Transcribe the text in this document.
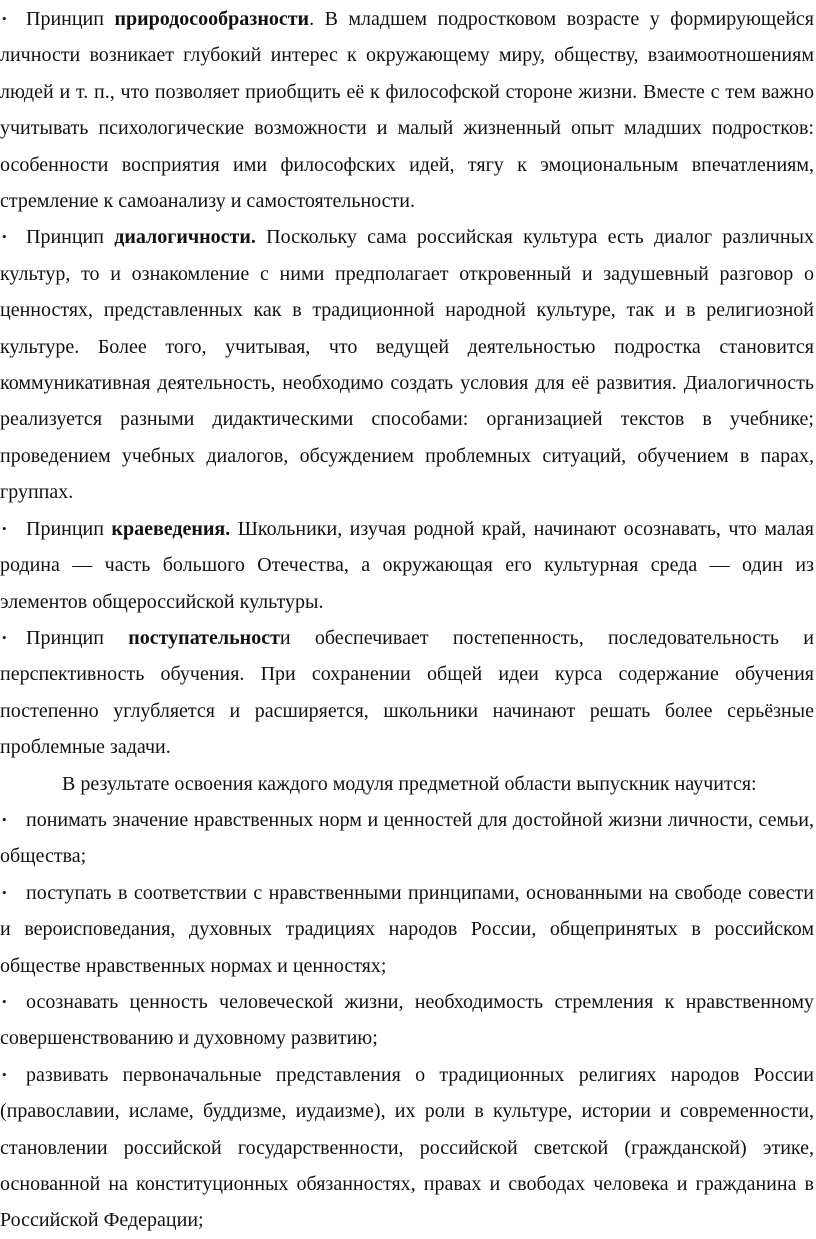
• Принцип природосообразности. В младшем подростковом возрасте у формирующейся личности возникает глубокий интерес к окружающему миру, обществу, взаимоотношениям людей и т. п., что позволяет приобщить её к философской стороне жизни. Вместе с тем важно учитывать психологические возможности и малый жизненный опыт младших подростков: особенности восприятия ими философских идей, тягу к эмоциональным впечатлениям, стремление к самоанализу и самостоятельности.

• Принцип диалогичности. Поскольку сама российская культура есть диалог различных культур, то и ознакомление с ними предполагает откровенный и задушевный разговор о ценностях, представленных как в традиционной народной культуре, так и в религиозной культуре. Более того, учитывая, что ведущей деятельностью подростка становится коммуникативная деятельность, необходимо создать условия для её развития. Диалогичность реализуется разными дидактическими способами: организацией текстов в учебнике; проведением учебных диалогов, обсуждением проблемных ситуаций, обучением в парах, группах.

• Принцип краеведения. Школьники, изучая родной край, начинают осознавать, что малая родина — часть большого Отечества, а окружающая его культурная среда — один из элементов общероссийской культуры.

• Принцип поступательности обеспечивает постепенность, последовательность и перспективность обучения. При сохранении общей идеи курса содержание обучения постепенно углубляется и расширяется, школьники начинают решать более серьёзные проблемные задачи.

В результате освоения каждого модуля предметной области выпускник научится:

• понимать значение нравственных норм и ценностей для достойной жизни личности, семьи, общества;

• поступать в соответствии с нравственными принципами, основанными на свободе совести и вероисповедания, духовных традициях народов России, общепринятых в российском обществе нравственных нормах и ценностях;

• осознавать ценность человеческой жизни, необходимость стремления к нравственному совершенствованию и духовному развитию;

• развивать первоначальные представления о традиционных религиях народов России (православии, исламе, буддизме, иудаизме), их роли в культуре, истории и современности, становлении российской государственности, российской светской (гражданской) этике, основанной на конституционных обязанностях, правах и свободах человека и гражданина в Российской Федерации;
